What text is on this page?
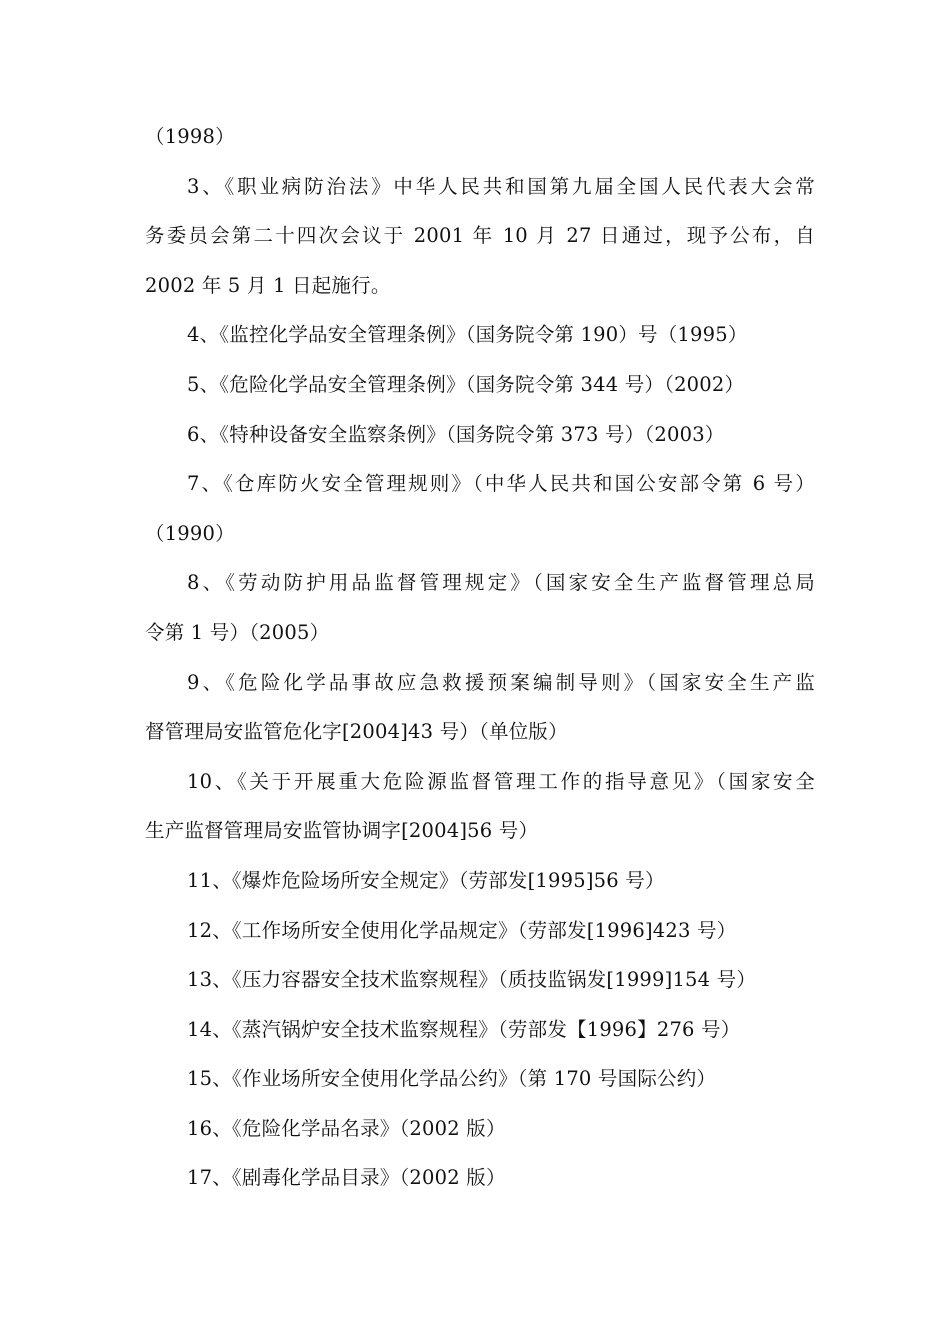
（1998）
3、《职业病防治法》中华人民共和国第九届全国人民代表大会常
务委员会第二十四次会议于 2001 年 10 月 27 日通过，现予公布，自
2002 年 5 月 1 日起施行。
4、《监控化学品安全管理条例》（国务院令第 190）号（1995）
5、《危险化学品安全管理条例》（国务院令第 344 号）（2002）
6、《特种设备安全监察条例》（国务院令第 373 号）（2003）
7、《仓库防火安全管理规则》（中华人民共和国公安部令第 6 号）
（1990）
8、《劳动防护用品监督管理规定》（国家安全生产监督管理总局
令第 1 号）（2005）
9、《危险化学品事故应急救援预案编制导则》（国家安全生产监
督管理局安监管危化字[2004]43 号）（单位版）
10、《关于开展重大危险源监督管理工作的指导意见》（国家安全
生产监督管理局安监管协调字[2004]56 号）
11、《爆炸危险场所安全规定》（劳部发[1995]56 号）
12、《工作场所安全使用化学品规定》（劳部发[1996]423 号）
13、《压力容器安全技术监察规程》（质技监锅发[1999]154 号）
14、《蒸汽锅炉安全技术监察规程》（劳部发【1996】276 号）
15、《作业场所安全使用化学品公约》（第 170 号国际公约）
16、《危险化学品名录》（2002 版）
17、《剧毒化学品目录》（2002 版）
